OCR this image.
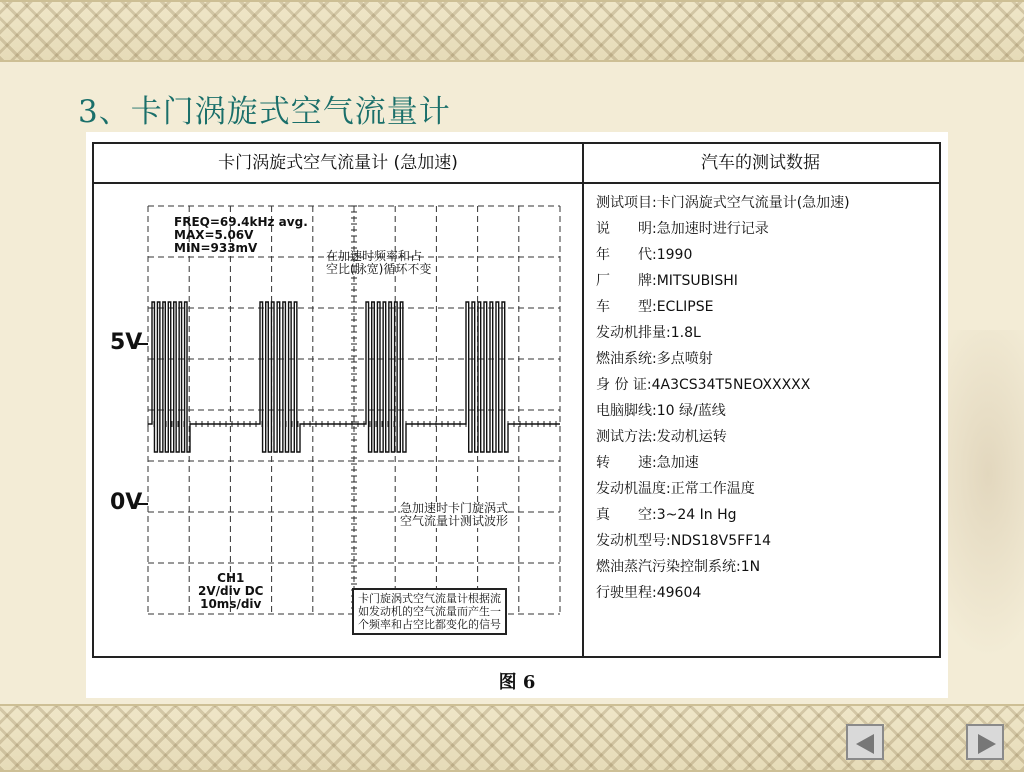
3、卡门涡旋式空气流量计
卡门涡旋式空气流量计 (急加速)	汽车的测试数据
FREQ=69.4kHz avg.
MAX=5.06V
MIN=933mV
在加速时频率和占
空比(脉宽)循环不变
5V
0V	急加速时卡门旋涡式
空气流量计测试波形
CH1
2V/div DC
10ms/div	卡门旋涡式空气流量计根据流
如发动机的空气流量而产生一
个频率和占空比都变化的信号
测试项目:卡门涡旋式空气流量计(急加速)
说　　明:急加速时进行记录
年　　代:1990
厂　　牌:MITSUBISHI
车　　型:ECLIPSE
发动机排量:1.8L
燃油系统:多点喷射
身 份 证:4A3CS34T5NEOXXXXX
电脑脚线:10 绿/蓝线
测试方法:发动机运转
转　　速:急加速
发动机温度:正常工作温度
真　　空:3~24 In Hg
发动机型号:NDS18V5FF14
燃油蒸汽污染控制系统:1N
行驶里程:49604
图 6
